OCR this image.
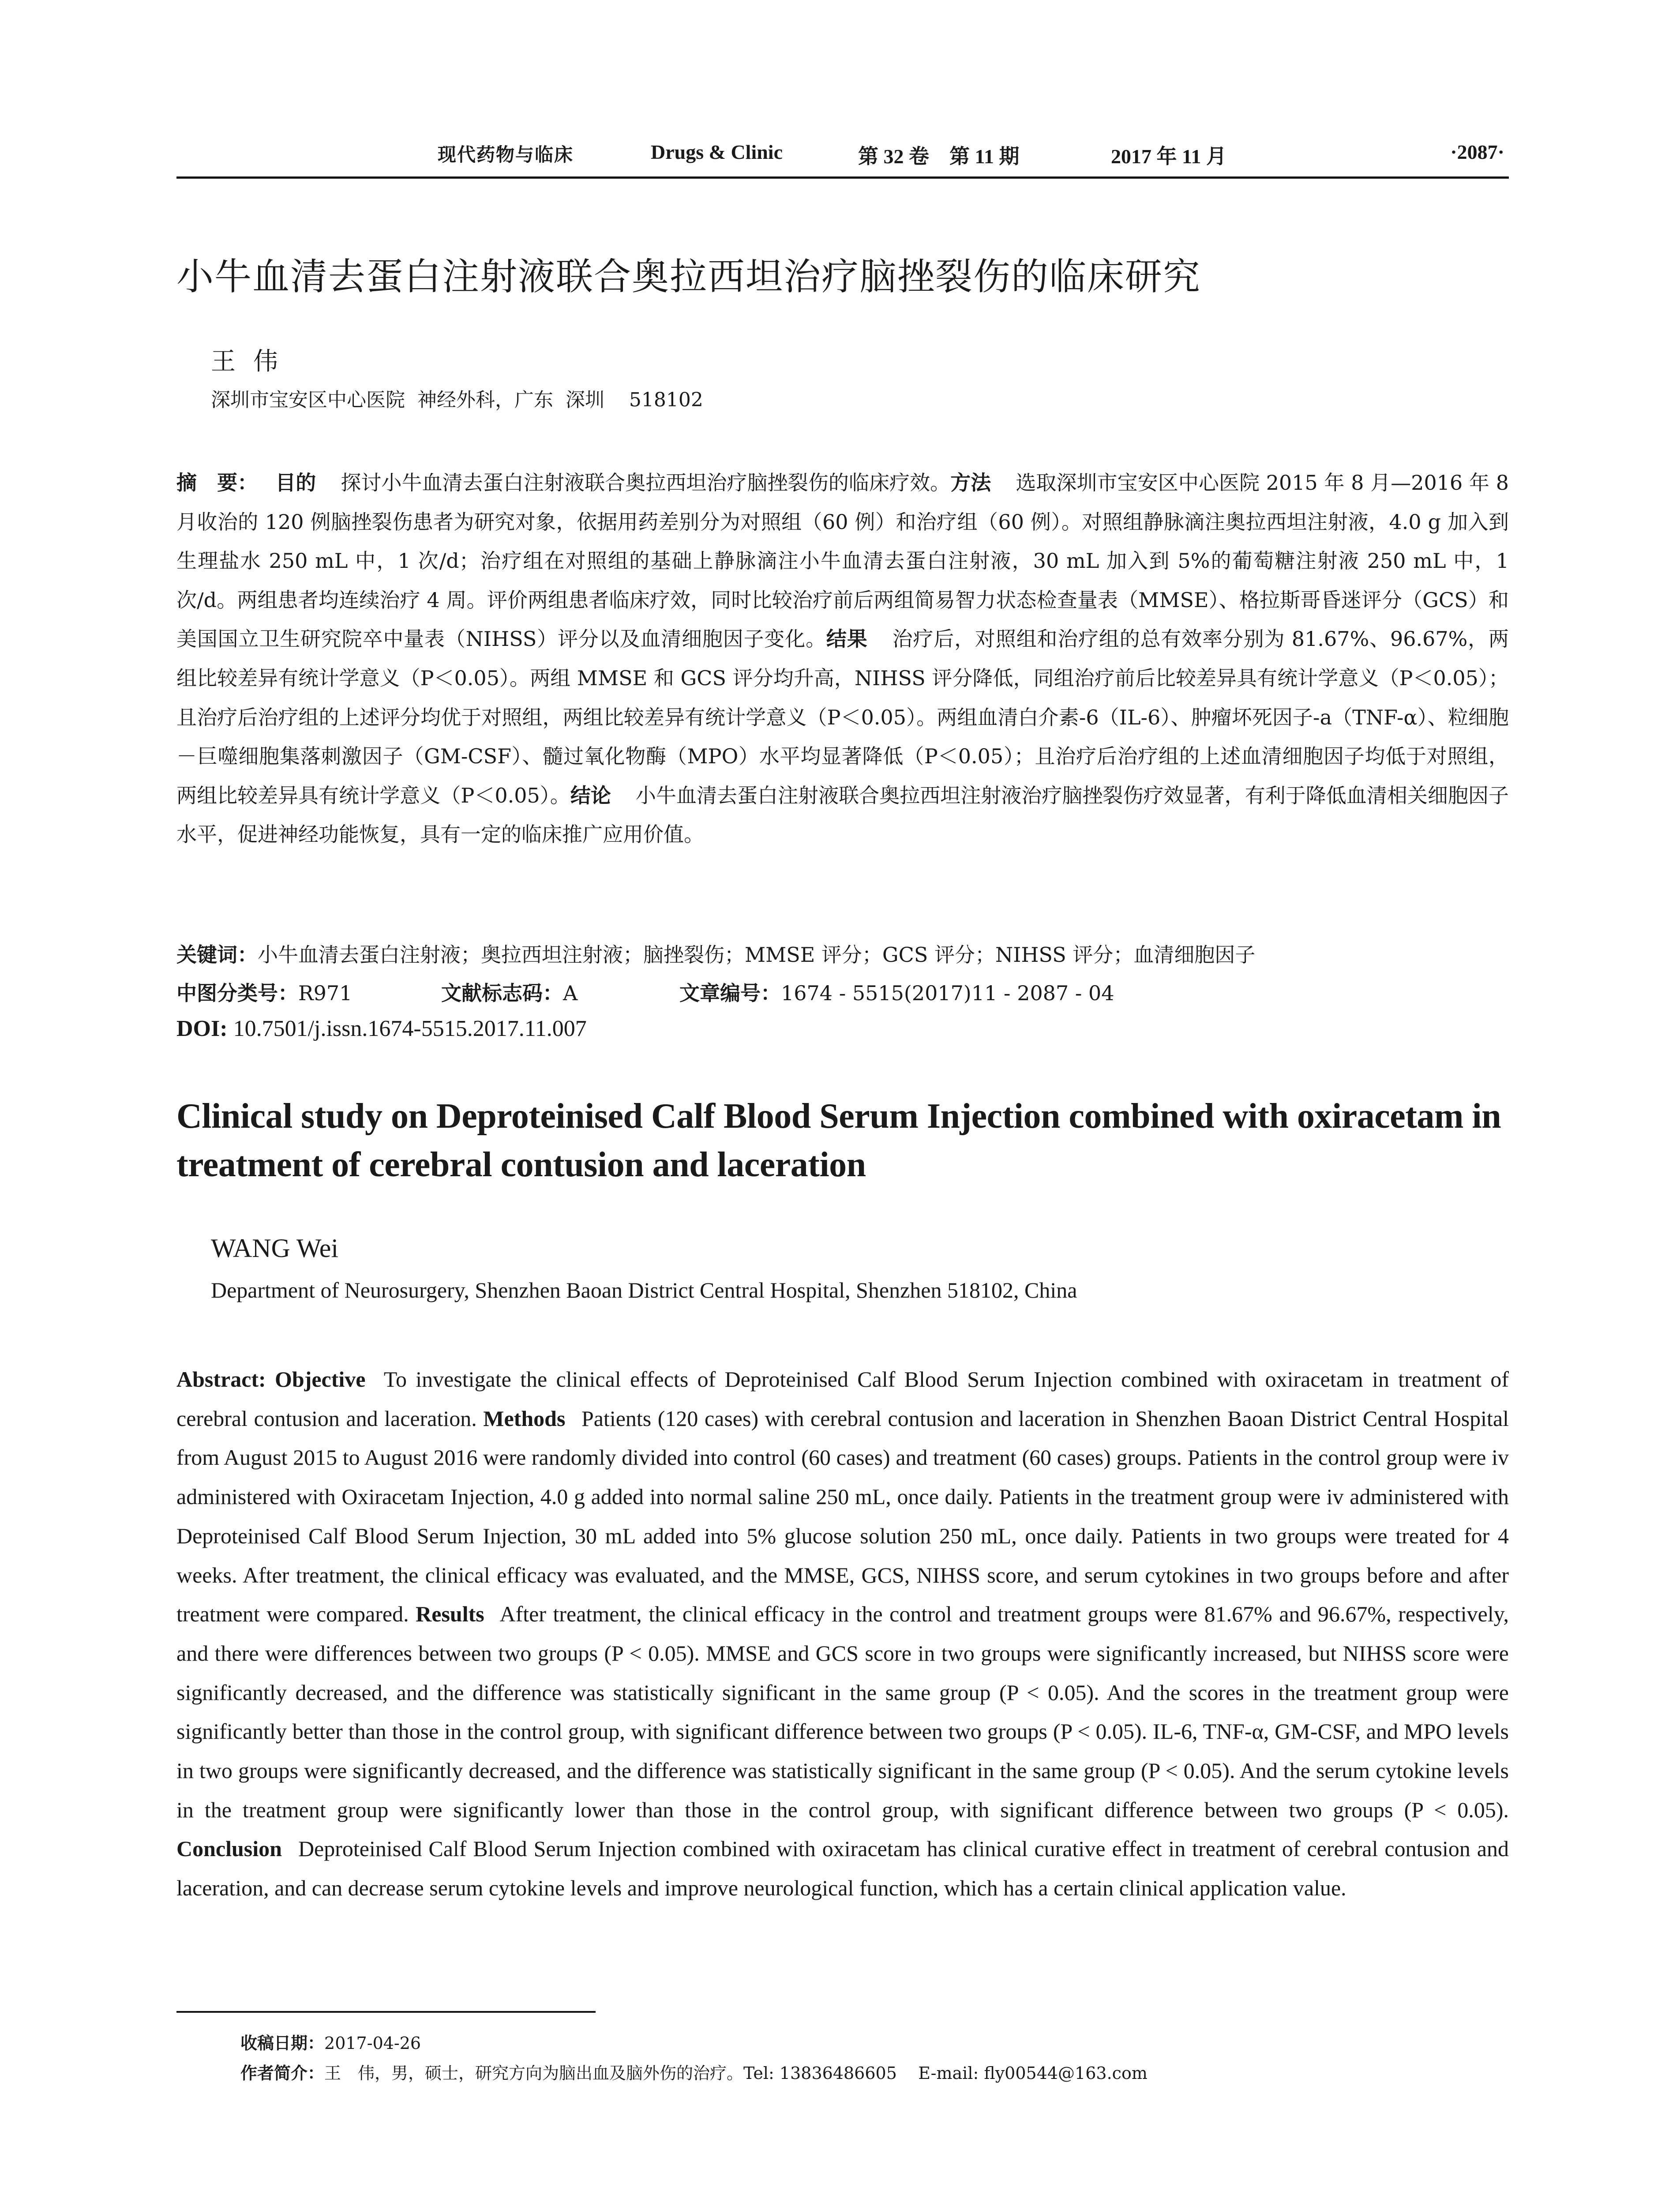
现代药物与临床	Drugs & Clinic	第 32 卷　第 11 期	2017 年 11 月	·2087·
小牛血清去蛋白注射液联合奥拉西坦治疗脑挫裂伤的临床研究
王伟
深圳市宝安区中心医院  神经外科，广东  深圳    518102
摘　要： 目的 探讨小牛血清去蛋白注射液联合奥拉西坦治疗脑挫裂伤的临床疗效。方法 选取深圳市宝安区中心医院 2015 年 8 月—2016 年 8 月收治的 120 例脑挫裂伤患者为研究对象，依据用药差别分为对照组（60 例）和治疗组（60 例）。对照组静脉滴注奥拉西坦注射液，4.0 g 加入到生理盐水 250 mL 中，1 次/d；治疗组在对照组的基础上静脉滴注小牛血清去蛋白注射液，30 mL 加入到 5%的葡萄糖注射液 250 mL 中，1 次/d。两组患者均连续治疗 4 周。评价两组患者临床疗效，同时比较治疗前后两组简易智力状态检查量表（MMSE）、格拉斯哥昏迷评分（GCS）和美国国立卫生研究院卒中量表（NIHSS）评分以及血清细胞因子变化。结果 治疗后，对照组和治疗组的总有效率分别为 81.67%、96.67%，两组比较差异有统计学意义（P＜0.05）。两组 MMSE 和 GCS 评分均升高，NIHSS 评分降低，同组治疗前后比较差异具有统计学意义（P＜0.05）；且治疗后治疗组的上述评分均优于对照组，两组比较差异有统计学意义（P＜0.05）。两组血清白介素-6（IL-6）、肿瘤坏死因子-a（TNF-α）、粒细胞－巨噬细胞集落刺激因子（GM-CSF）、髓过氧化物酶（MPO）水平均显著降低（P＜0.05）；且治疗后治疗组的上述血清细胞因子均低于对照组，两组比较差异具有统计学意义（P＜0.05）。结论 小牛血清去蛋白注射液联合奥拉西坦注射液治疗脑挫裂伤疗效显著，有利于降低血清相关细胞因子水平，促进神经功能恢复，具有一定的临床推广应用价值。
关键词：小牛血清去蛋白注射液；奥拉西坦注射液；脑挫裂伤；MMSE 评分；GCS 评分；NIHSS 评分；血清细胞因子
中图分类号：R971	文献标志码：A	文章编号：1674 - 5515(2017)11 - 2087 - 04
DOI: 10.7501/j.issn.1674-5515.2017.11.007
Clinical study on Deproteinised Calf Blood Serum Injection combined with oxiracetam in treatment of cerebral contusion and laceration
WANG Wei
Department of Neurosurgery, Shenzhen Baoan District Central Hospital, Shenzhen 518102, China
Abstract: Objective To investigate the clinical effects of Deproteinised Calf Blood Serum Injection combined with oxiracetam in treatment of cerebral contusion and laceration. Methods Patients (120 cases) with cerebral contusion and laceration in Shenzhen Baoan District Central Hospital from August 2015 to August 2016 were randomly divided into control (60 cases) and treatment (60 cases) groups. Patients in the control group were iv administered with Oxiracetam Injection, 4.0 g added into normal saline 250 mL, once daily. Patients in the treatment group were iv administered with Deproteinised Calf Blood Serum Injection, 30 mL added into 5% glucose solution 250 mL, once daily. Patients in two groups were treated for 4 weeks. After treatment, the clinical efficacy was evaluated, and the MMSE, GCS, NIHSS score, and serum cytokines in two groups before and after treatment were compared. Results After treatment, the clinical efficacy in the control and treatment groups were 81.67% and 96.67%, respectively, and there were differences between two groups (P < 0.05). MMSE and GCS score in two groups were significantly increased, but NIHSS score were significantly decreased, and the difference was statistically significant in the same group (P < 0.05). And the scores in the treatment group were significantly better than those in the control group, with significant difference between two groups (P < 0.05). IL-6, TNF-α, GM-CSF, and MPO levels in two groups were significantly decreased, and the difference was statistically significant in the same group (P < 0.05). And the serum cytokine levels in the treatment group were significantly lower than those in the control group, with significant difference between two groups (P < 0.05). Conclusion Deproteinised Calf Blood Serum Injection combined with oxiracetam has clinical curative effect in treatment of cerebral contusion and laceration, and can decrease serum cytokine levels and improve neurological function, which has a certain clinical application value.
收稿日期：2017-04-26
作者简介：王　伟，男，硕士，研究方向为脑出血及脑外伤的治疗。Tel: 13836486605    E-mail: fly00544@163.com
